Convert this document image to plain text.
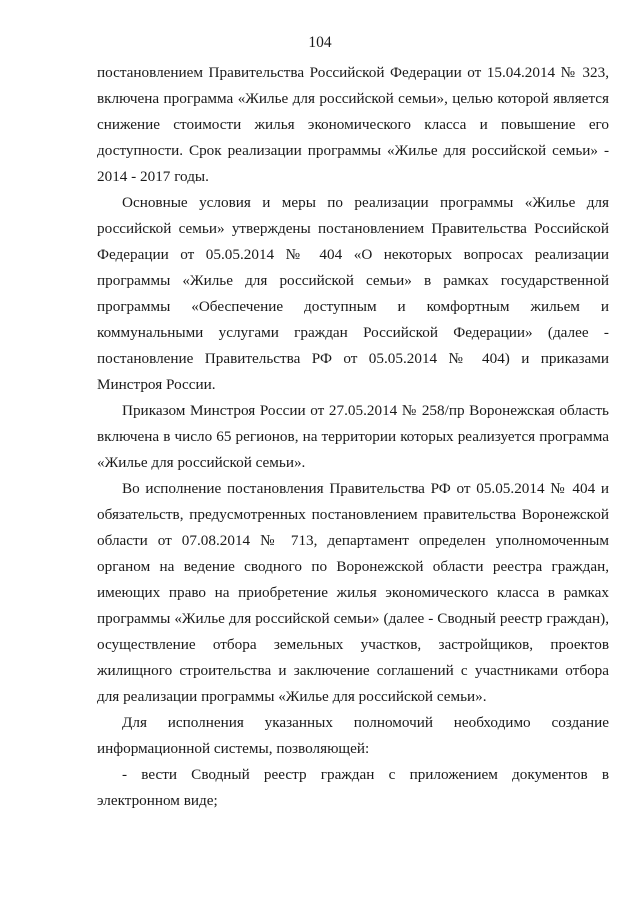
104

постановлением Правительства Российской Федерации от 15.04.2014 № 323, включена программа «Жилье для российской семьи», целью которой является снижение стоимости жилья экономического класса и повышение его доступности. Срок реализации программы «Жилье для российской семьи» - 2014 - 2017 годы.

Основные условия и меры по реализации программы «Жилье для российской семьи» утверждены постановлением Правительства Российской Федерации от 05.05.2014 № 404 «О некоторых вопросах реализации программы «Жилье для российской семьи» в рамках государственной программы «Обеспечение доступным и комфортным жильем и коммунальными услугами граждан Российской Федерации» (далее - постановление Правительства РФ от 05.05.2014 № 404) и приказами Минстроя России.

Приказом Минстроя России от 27.05.2014 № 258/пр Воронежская область включена в число 65 регионов, на территории которых реализуется программа «Жилье для российской семьи».

Во исполнение постановления Правительства РФ от 05.05.2014 № 404 и обязательств, предусмотренных постановлением правительства Воронежской области от 07.08.2014 № 713, департамент определен уполномоченным органом на ведение сводного по Воронежской области реестра граждан, имеющих право на приобретение жилья экономического класса в рамках программы «Жилье для российской семьи» (далее - Сводный реестр граждан), осуществление отбора земельных участков, застройщиков, проектов жилищного строительства и заключение соглашений с участниками отбора для реализации программы «Жилье для российской семьи».

Для исполнения указанных полномочий необходимо создание информационной системы, позволяющей:

- вести Сводный реестр граждан с приложением документов в электронном виде;
